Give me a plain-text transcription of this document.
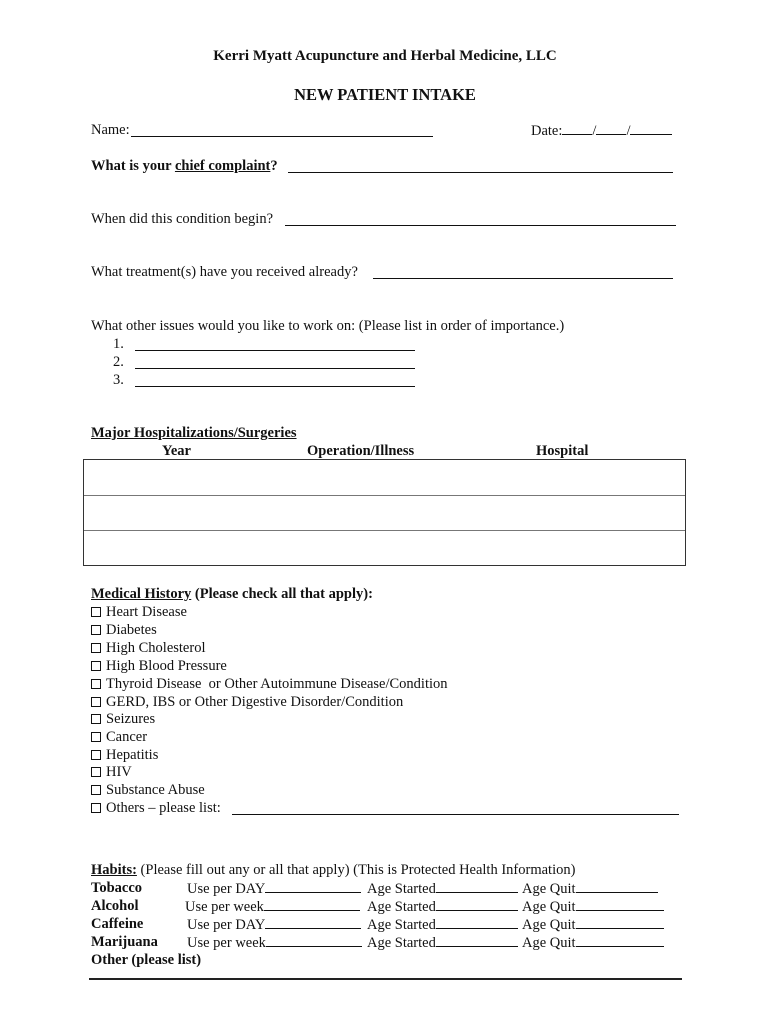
Kerri Myatt Acupuncture and Herbal Medicine, LLC
NEW PATIENT INTAKE
Name:	Date: / /
What is your chief complaint?
When did this condition begin?
What treatment(s) have you received already?
What other issues would you like to work on: (Please list in order of importance.)
1.
2.
3.
Major Hospitalizations/Surgeries
Year	Operation/Illness	Hospital
Medical History (Please check all that apply):
Heart Disease
Diabetes
High Cholesterol
High Blood Pressure
Thyroid Disease  or Other Autoimmune Disease/Condition
GERD, IBS or Other Digestive Disorder/Condition
Seizures
Cancer
Hepatitis
HIV
Substance Abuse
Others – please list:
Habits: (Please fill out any or all that apply) (This is Protected Health Information)
Tobacco	Use per DAY	Age Started	Age Quit
Alcohol	Use per week	Age Started	Age Quit
Caffeine	Use per DAY	Age Started	Age Quit
Marijuana Use per week	Age Started	Age Quit
Other (please list)
